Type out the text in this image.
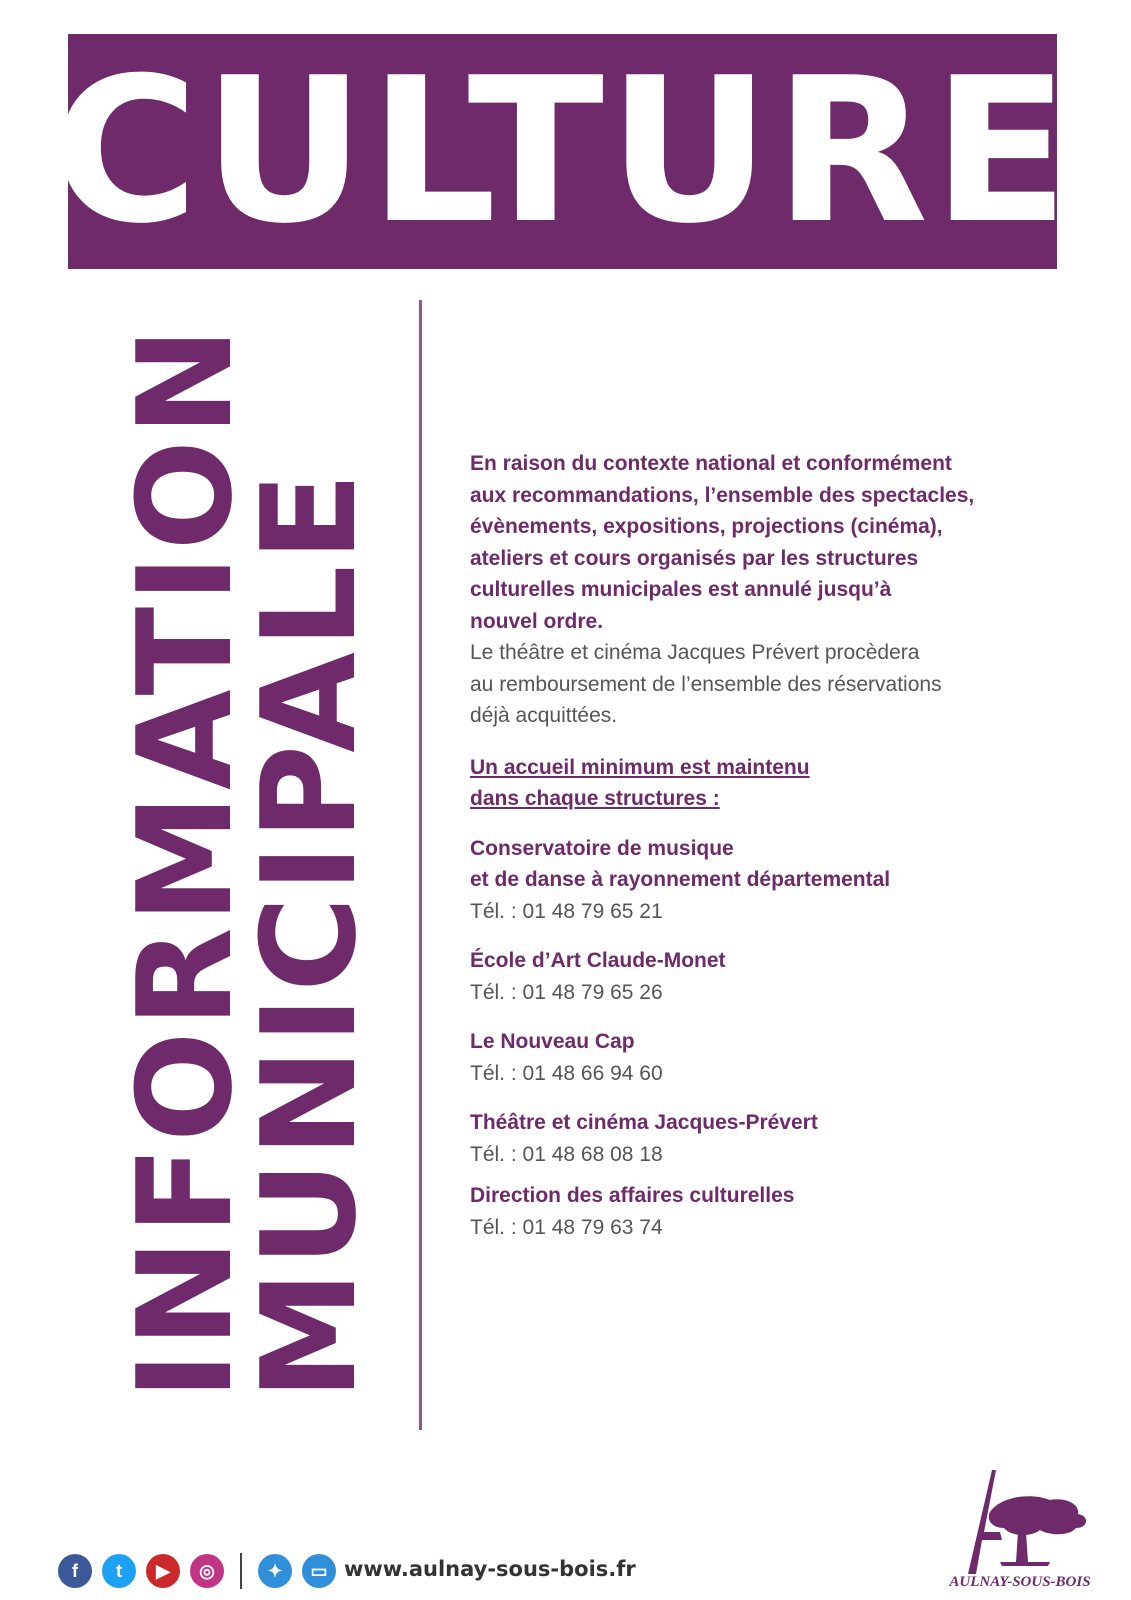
CULTURE
INFORMATION
MUNICIPALE
En raison du contexte national et conformément
aux recommandations, l’ensemble des spectacles,
évènements, expositions, projections (cinéma),
ateliers et cours organisés par les structures
culturelles municipales est annulé jusqu’à
nouvel ordre.
Le théâtre et cinéma Jacques Prévert procèdera
au remboursement de l’ensemble des réservations
déjà acquittées.
Un accueil minimum est maintenu
dans chaque structures :
Conservatoire de musique
et de danse à rayonnement départemental
Tél. : 01 48 79 65 21
École d’Art Claude-Monet
Tél. : 01 48 79 65 26
Le Nouveau Cap
Tél. : 01 48 66 94 60
Théâtre et cinéma Jacques-Prévert
Tél. : 01 48 68 08 18
Direction des affaires culturelles
Tél. : 01 48 79 63 74
f t ▶ ◎	✦ ▭ www.aulnay-sous-bois.fr
AULNAY-SOUS-BOIS
